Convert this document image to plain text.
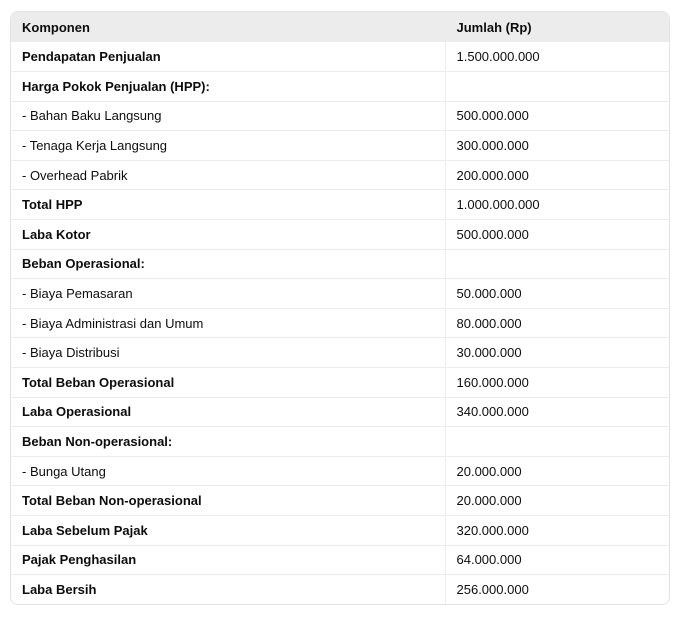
Komponen	Jumlah (Rp)
Pendapatan Penjualan	1.500.000.000
Harga Pokok Penjualan (HPP):	
- Bahan Baku Langsung	500.000.000
- Tenaga Kerja Langsung	300.000.000
- Overhead Pabrik	200.000.000
Total HPP	1.000.000.000
Laba Kotor	500.000.000
Beban Operasional:	
- Biaya Pemasaran	50.000.000
- Biaya Administrasi dan Umum	80.000.000
- Biaya Distribusi	30.000.000
Total Beban Operasional	160.000.000
Laba Operasional	340.000.000
Beban Non-operasional:	
- Bunga Utang	20.000.000
Total Beban Non-operasional	20.000.000
Laba Sebelum Pajak	320.000.000
Pajak Penghasilan	64.000.000
Laba Bersih	256.000.000
